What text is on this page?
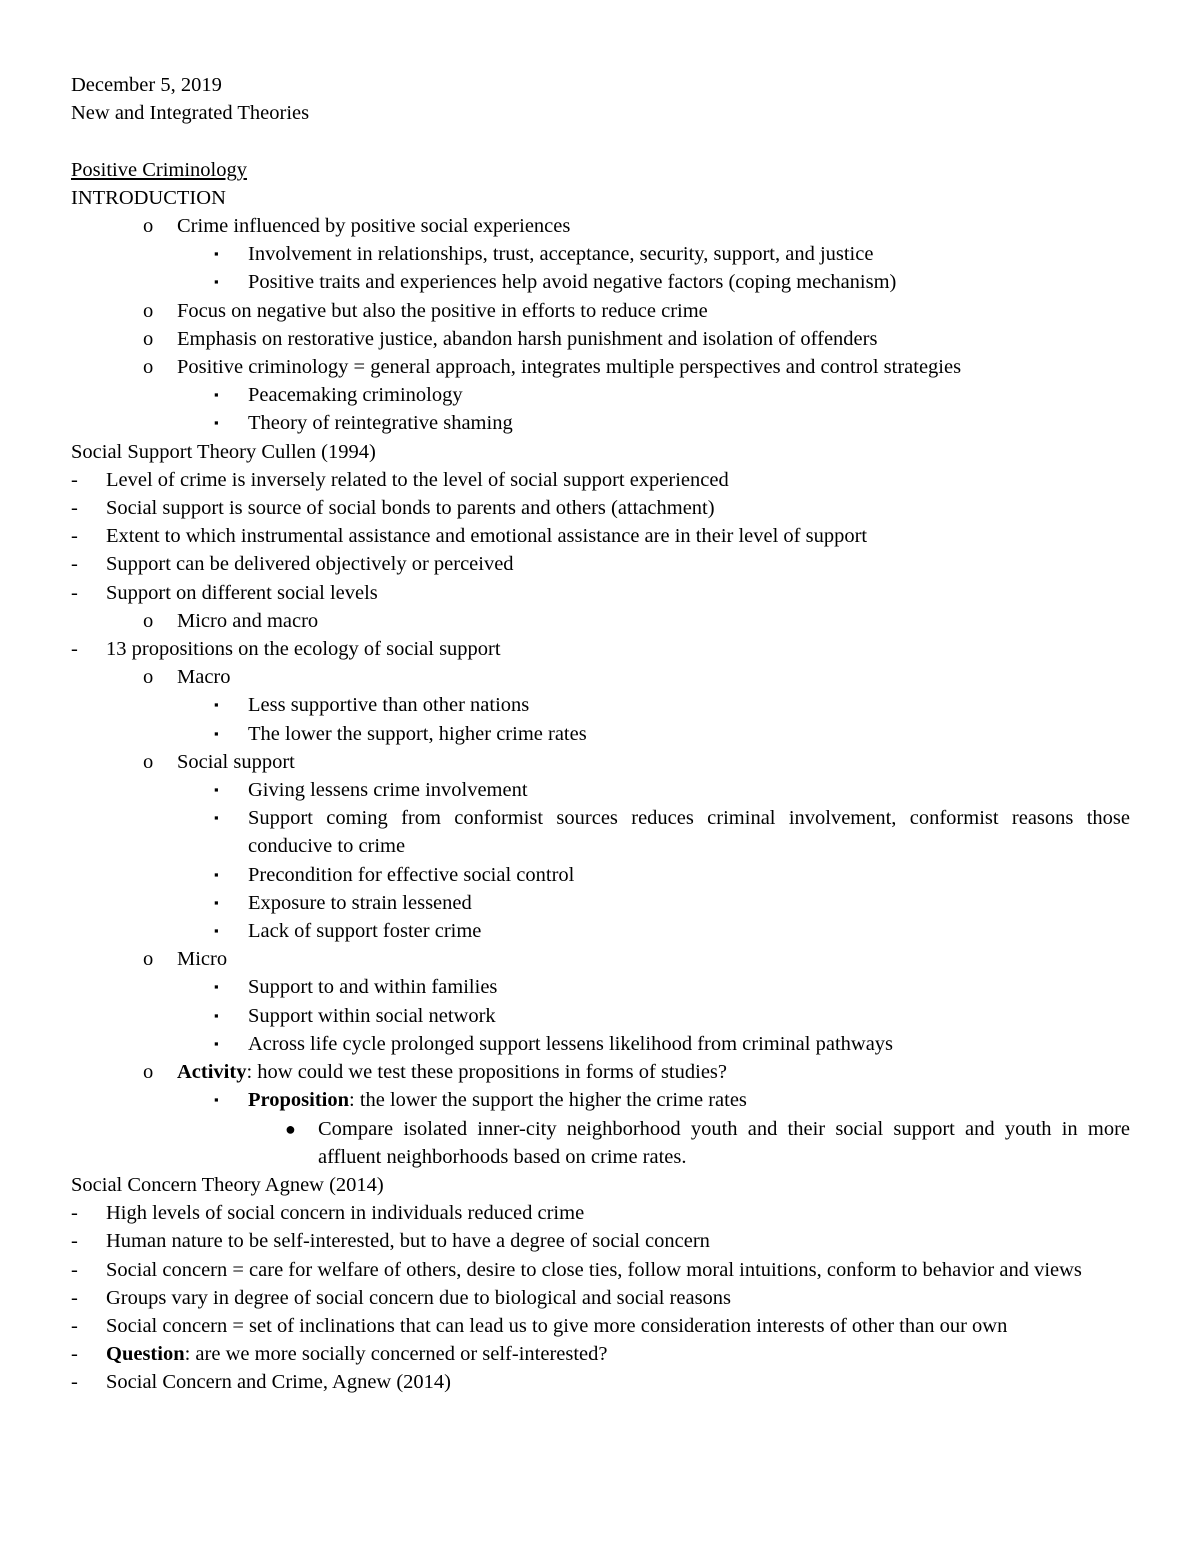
December 5, 2019
New and Integrated Theories
Positive Criminology
INTRODUCTION
o Crime influenced by positive social experiences
▪ Involvement in relationships, trust, acceptance, security, support, and justice
▪ Positive traits and experiences help avoid negative factors (coping mechanism)
o Focus on negative but also the positive in efforts to reduce crime
o Emphasis on restorative justice, abandon harsh punishment and isolation of offenders
o Positive criminology = general approach, integrates multiple perspectives and control strategies
▪ Peacemaking criminology
▪ Theory of reintegrative shaming
Social Support Theory Cullen (1994)
- Level of crime is inversely related to the level of social support experienced
- Social support is source of social bonds to parents and others (attachment)
- Extent to which instrumental assistance and emotional assistance are in their level of support
- Support can be delivered objectively or perceived
- Support on different social levels
o Micro and macro
- 13 propositions on the ecology of social support
o Macro
▪ Less supportive than other nations
▪ The lower the support, higher crime rates
o Social support
▪ Giving lessens crime involvement
▪ Support coming from conformist sources reduces criminal involvement, conformist reasons those conducive to crime
▪ Precondition for effective social control
▪ Exposure to strain lessened
▪ Lack of support foster crime
o Micro
▪ Support to and within families
▪ Support within social network
▪ Across life cycle prolonged support lessens likelihood from criminal pathways
o Activity: how could we test these propositions in forms of studies?
▪ Proposition: the lower the support the higher the crime rates
● Compare isolated inner-city neighborhood youth and their social support and youth in more affluent neighborhoods based on crime rates.
Social Concern Theory Agnew (2014)
- High levels of social concern in individuals reduced crime
- Human nature to be self-interested, but to have a degree of social concern
- Social concern = care for welfare of others, desire to close ties, follow moral intuitions, conform to behavior and views
- Groups vary in degree of social concern due to biological and social reasons
- Social concern = set of inclinations that can lead us to give more consideration interests of other than our own
- Question: are we more socially concerned or self-interested?
- Social Concern and Crime, Agnew (2014)
